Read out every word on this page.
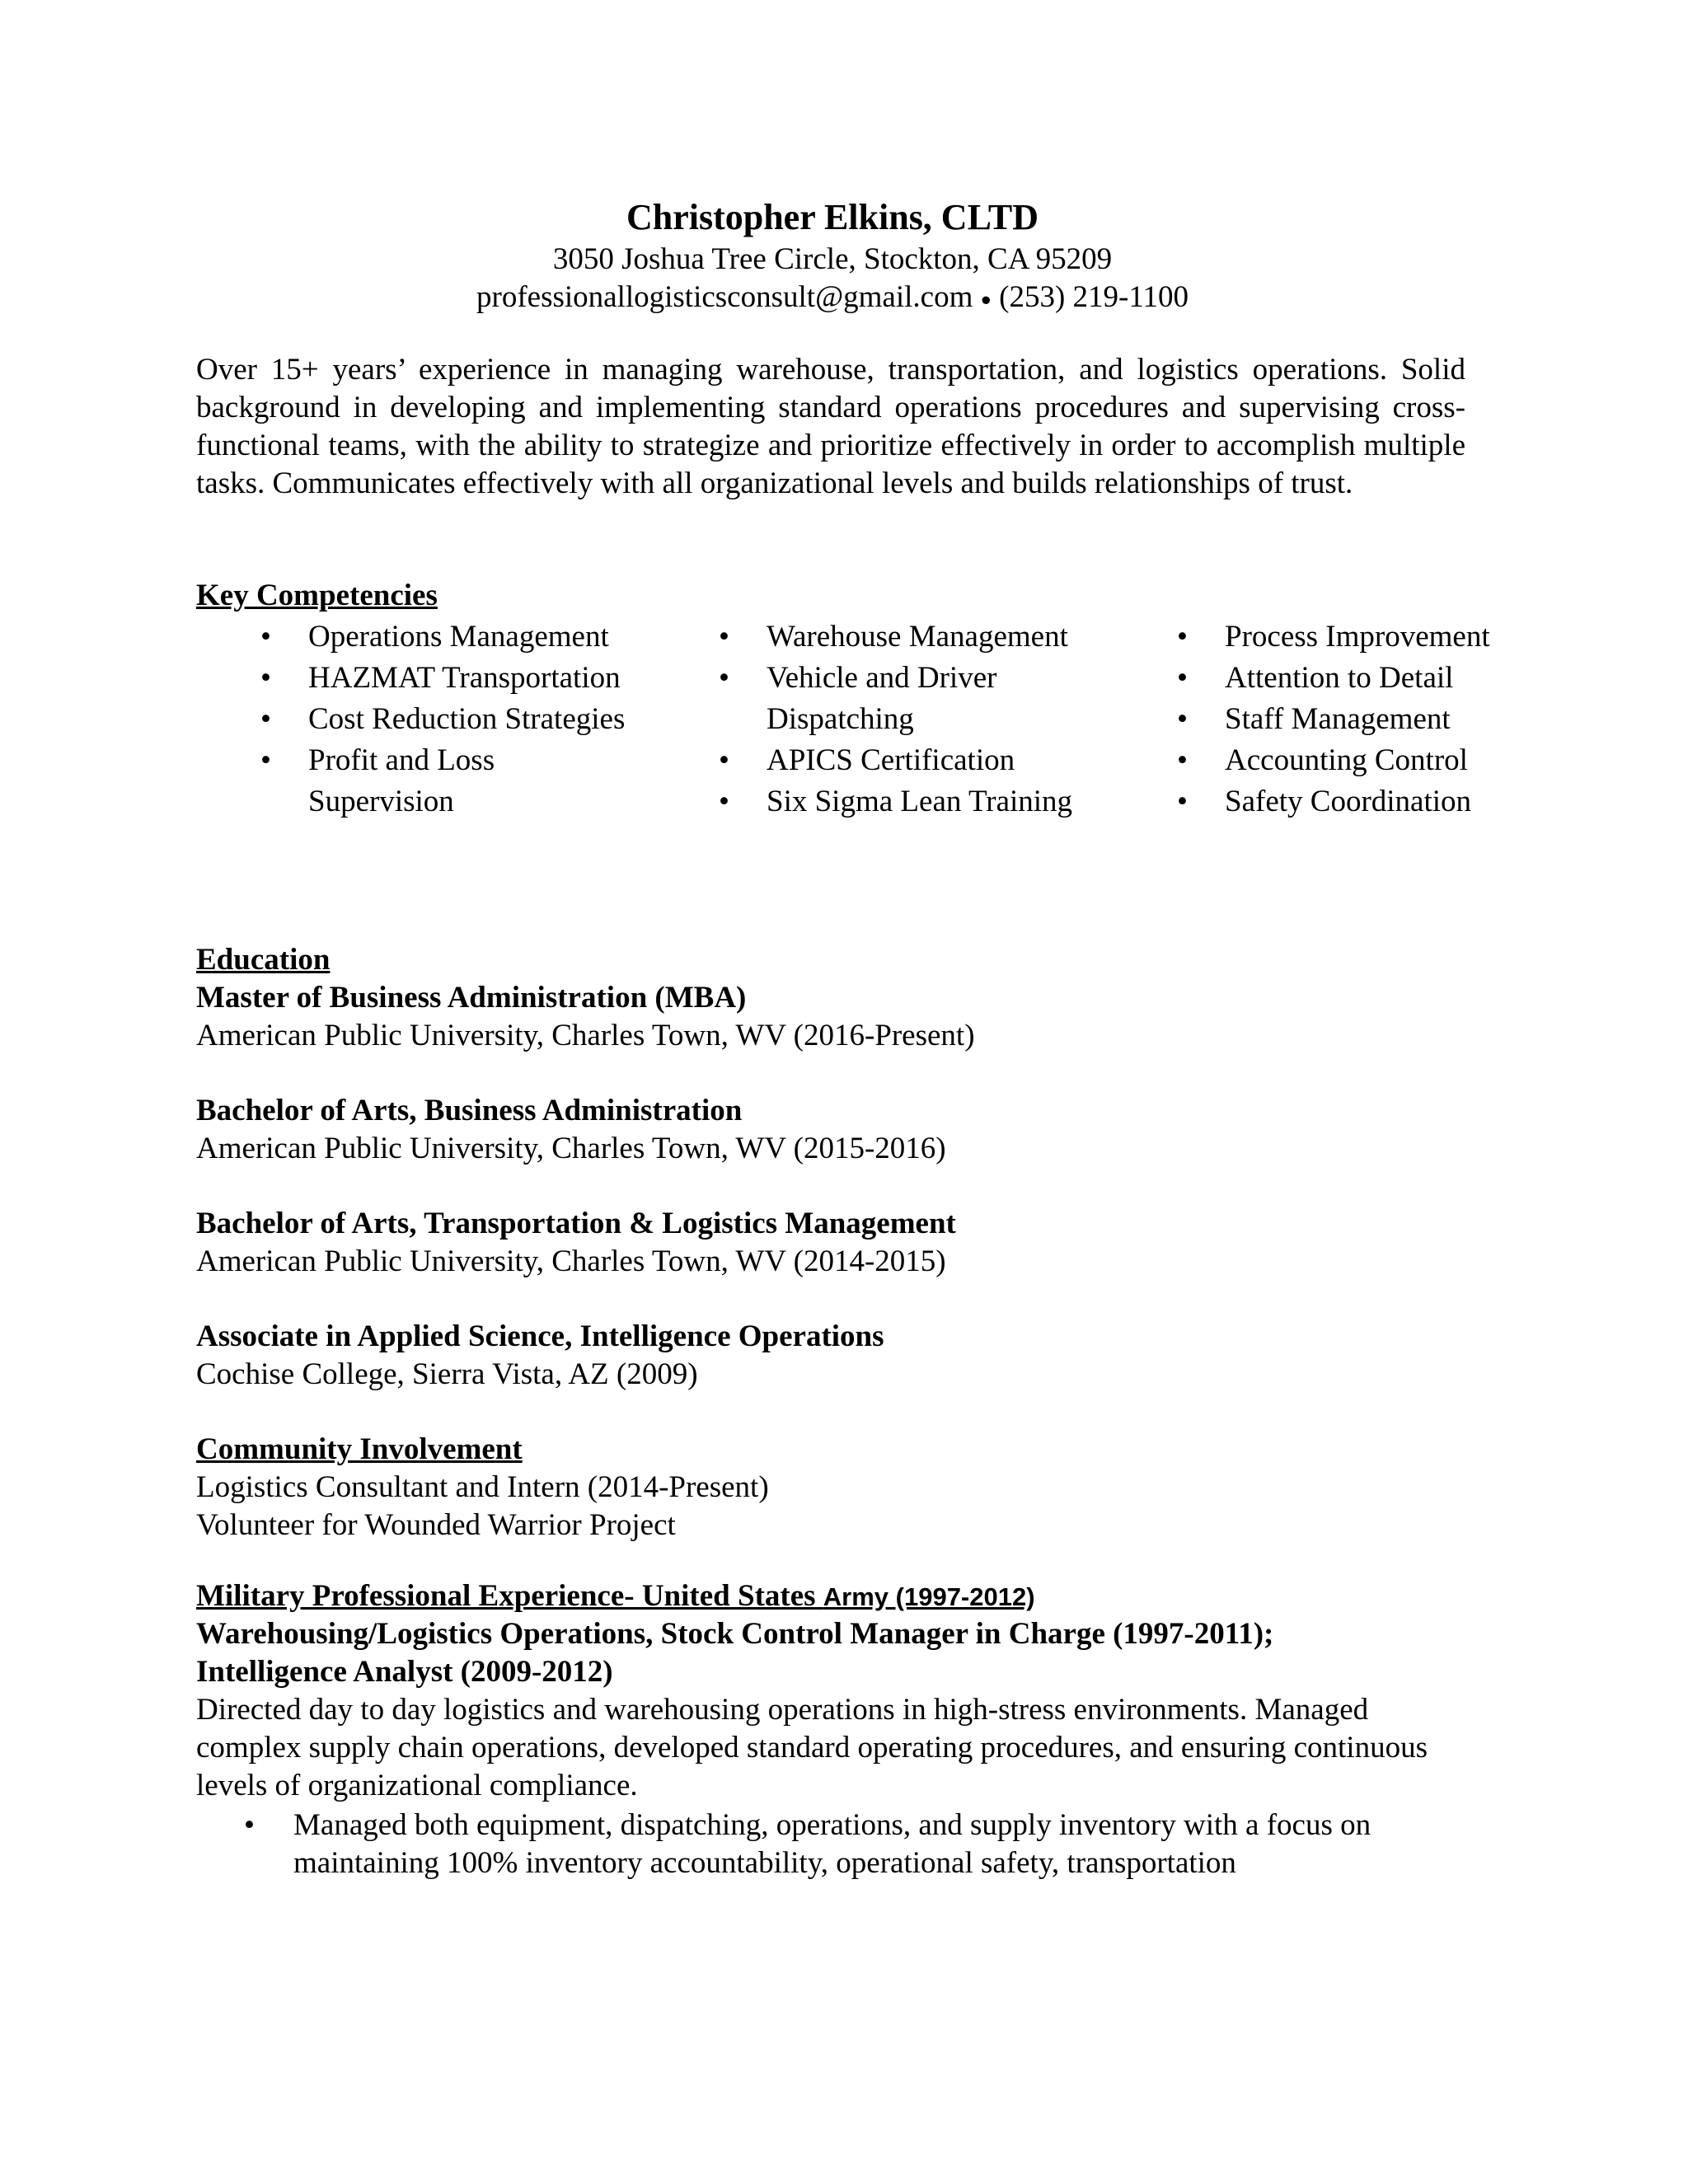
Christopher Elkins, CLTD
3050 Joshua Tree Circle, Stockton, CA 95209
professionallogisticsconsult@gmail.com ● (253) 219-1100

Over 15+ years’ experience in managing warehouse, transportation, and logistics operations. Solid background in developing and implementing standard operations procedures and supervising cross-functional teams, with the ability to strategize and prioritize effectively in order to accomplish multiple tasks. Communicates effectively with all organizational levels and builds relationships of trust.

Key Competencies
•	Operations Management
•	HAZMAT Transportation
•	Cost Reduction Strategies
•	Profit and Loss Supervision
•	Warehouse Management
•	Vehicle and Driver Dispatching
•	APICS Certification
•	Six Sigma Lean Training
•	Process Improvement
•	Attention to Detail
•	Staff Management
•	Accounting Control
•	Safety Coordination
Education
Master of Business Administration (MBA)
American Public University, Charles Town, WV (2016-Present)
Bachelor of Arts, Business Administration
American Public University, Charles Town, WV (2015-2016)
Bachelor of Arts, Transportation & Logistics Management
American Public University, Charles Town, WV (2014-2015)
Associate in Applied Science, Intelligence Operations
Cochise College, Sierra Vista, AZ (2009)
Community Involvement
Logistics Consultant and Intern (2014-Present)
Volunteer for Wounded Warrior Project
Military Professional Experience- United States Army (1997-2012)
Warehousing/Logistics Operations, Stock Control Manager in Charge (1997-2011);
Intelligence Analyst (2009-2012)

Directed day to day logistics and warehousing operations in high-stress environments. Managed complex supply chain operations, developed standard operating procedures, and ensuring continuous levels of organizational compliance.

• Managed both equipment, dispatching, operations, and supply inventory with a focus on maintaining 100% inventory accountability, operational safety, transportation
